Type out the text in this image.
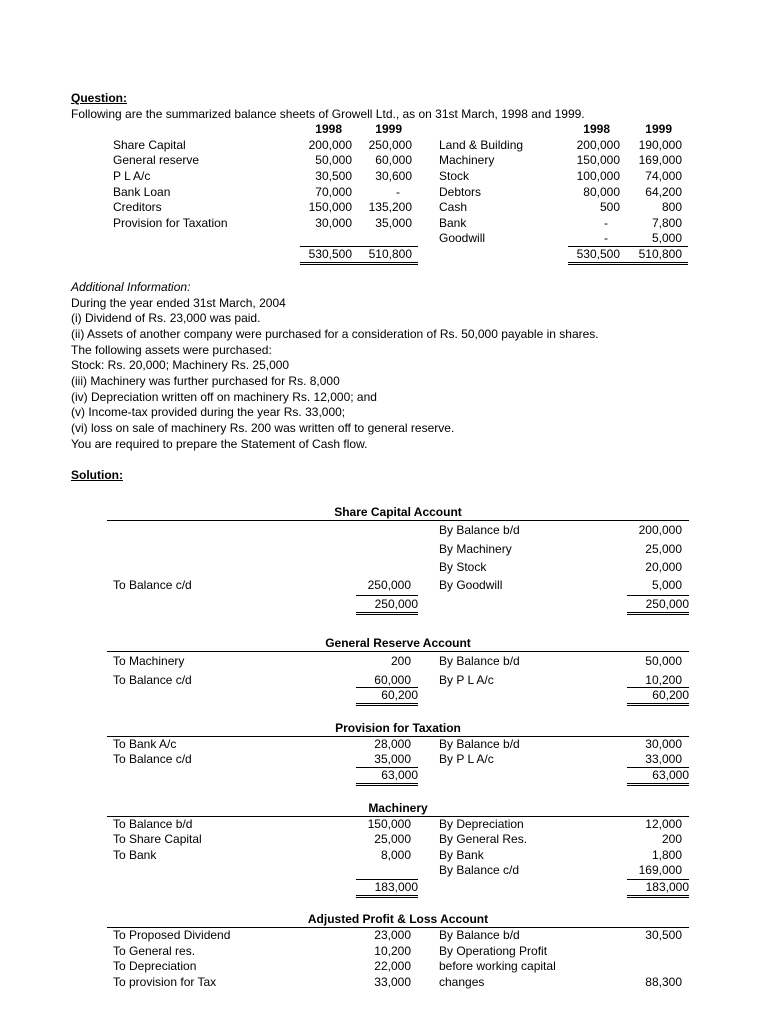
Question:
Following are the summarized balance sheets of Growell Ltd., as on 31st March, 1998 and 1999.
1998	1999
Share Capital	200,000	250,000
General reserve	50,000	60,000
P L A/c	30,500	30,600
Bank Loan	70,000	-
Creditors	150,000	135,200
Provision for Taxation	30,000	35,000
530,500	510,800
1998	1999
Land & Building	200,000	190,000
Machinery	150,000	169,000
Stock	100,000	74,000
Debtors	80,000	64,200
Cash	500	800
Bank	-	7,800
Goodwill	-	5,000
530,500	510,800
Additional Information:
During the year ended 31st March, 2004
(i) Dividend of Rs. 23,000 was paid.
(ii) Assets of another company were purchased for a consideration of Rs. 50,000 payable in shares.
The following assets were purchased:
Stock: Rs. 20,000; Machinery Rs. 25,000
(iii) Machinery was further purchased for Rs. 8,000
(iv) Depreciation written off on machinery Rs. 12,000; and
(v) Income-tax provided during the year Rs. 33,000;
(vi) loss on sale of machinery Rs. 200 was written off to general reserve.
You are required to prepare the Statement of Cash flow.
Solution:
Share Capital Account
By Balance b/d	200,000
By Machinery	25,000
By Stock	20,000
By Goodwill	5,000
To Balance c/d	250,000
250,000	250,000
General Reserve Account
To Machinery	200
To Balance c/d	60,000
By Balance b/d	50,000
By P L A/c	10,200
60,200	60,200
Provision for Taxation
To Bank A/c	28,000
To Balance c/d	35,000
By Balance b/d	30,000
By P L A/c	33,000
63,000	63,000
Machinery
To Balance b/d	150,000
To Share Capital	25,000
To Bank	8,000
By Depreciation	12,000
By General Res.	200
By Bank	1,800
By Balance c/d	169,000
183,000	183,000
Adjusted Profit & Loss Account
To Proposed Dividend	23,000
To General res.	10,200
To Depreciation	22,000
To provision for Tax	33,000
By Balance b/d	30,500
By Operationg Profit
before working capital
changes	88,300
